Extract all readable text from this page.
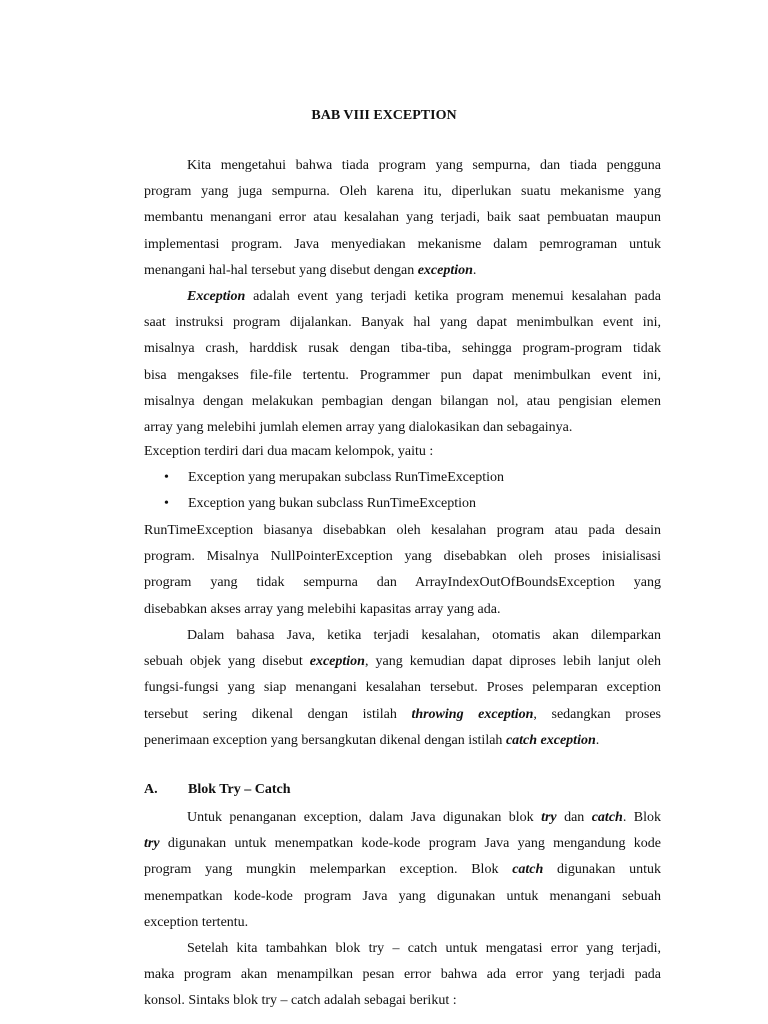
BAB VIII EXCEPTION
Kita mengetahui bahwa tiada program yang sempurna, dan tiada pengguna
program yang juga sempurna. Oleh karena itu, diperlukan suatu mekanisme yang
membantu menangani error atau kesalahan yang terjadi, baik saat pembuatan maupun
implementasi program. Java menyediakan mekanisme dalam pemrograman untuk
menangani hal-hal tersebut yang disebut dengan exception.
Exception adalah event yang terjadi ketika program menemui kesalahan pada
saat instruksi program dijalankan. Banyak hal yang dapat menimbulkan event ini,
misalnya crash, harddisk rusak dengan tiba-tiba, sehingga program-program tidak
bisa mengakses file-file tertentu. Programmer pun dapat menimbulkan event ini,
misalnya dengan melakukan pembagian dengan bilangan nol, atau pengisian elemen
array yang melebihi jumlah elemen array yang dialokasikan dan sebagainya.
Exception terdiri dari dua macam kelompok, yaitu :
• Exception yang merupakan subclass RunTimeException
• Exception yang bukan subclass RunTimeException
RunTimeException biasanya disebabkan oleh kesalahan program atau pada desain
program. Misalnya NullPointerException yang disebabkan oleh proses inisialisasi
program yang tidak sempurna dan ArrayIndexOutOfBoundsException yang
disebabkan akses array yang melebihi kapasitas array yang ada.
Dalam bahasa Java, ketika terjadi kesalahan, otomatis akan dilemparkan
sebuah objek yang disebut exception, yang kemudian dapat diproses lebih lanjut oleh
fungsi-fungsi yang siap menangani kesalahan tersebut. Proses pelemparan exception
tersebut sering dikenal dengan istilah throwing exception, sedangkan proses
penerimaan exception yang bersangkutan dikenal dengan istilah catch exception.
A. Blok Try – Catch
Untuk penanganan exception, dalam Java digunakan blok try dan catch. Blok
try digunakan untuk menempatkan kode-kode program Java yang mengandung kode
program yang mungkin melemparkan exception. Blok catch digunakan untuk
menempatkan kode-kode program Java yang digunakan untuk menangani sebuah
exception tertentu.
Setelah kita tambahkan blok try – catch untuk mengatasi error yang terjadi,
maka program akan menampilkan pesan error bahwa ada error yang terjadi pada
konsol. Sintaks blok try – catch adalah sebagai berikut :
